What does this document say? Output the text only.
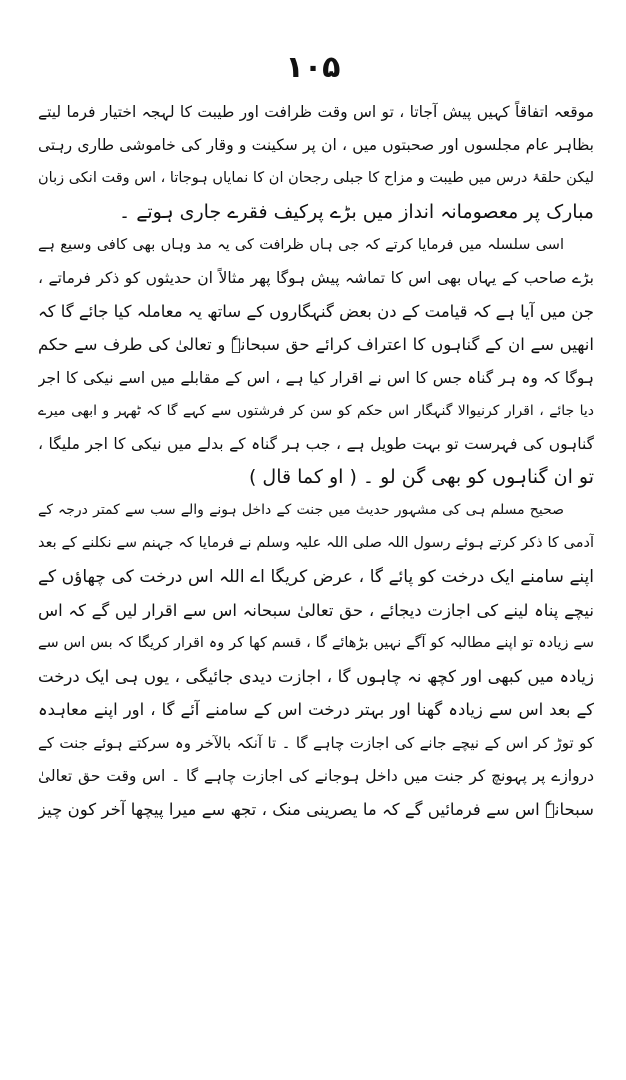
۱۰۵
موقعہ اتفاقاً کہیں پیش آجاتا ، تو اس وقت ظرافت اور طیبت کا لہجہ اختیار فرما لیتے
بظاہر عام مجلسوں اور صحبتوں میں ، ان پر سکینت و وقار کی خاموشی طاری رہتی
لیکن حلقۂ درس میں طیبت و مزاح کا جبلی رجحان ان کا نمایاں ہوجاتا ، اس وقت انکی زبان
مبارک پر معصومانہ انداز میں بڑے پرکیف فقرے جاری ہوتے ۔
اسی سلسلہ میں فرمایا کرتے کہ جی ہاں ظرافت کی یہ مد وہاں بھی کافی وسیع ہے
بڑے صاحب کے یہاں بھی اس کا تماشہ پیش ہوگا پھر مثالاً ان حدیثوں کو ذکر فرماتے ،
جن میں آیا ہے کہ قیامت کے دن بعض گنہگاروں کے ساتھ یہ معاملہ کیا جائے گا کہ
انھیں سے ان کے گناہوں کا اعتراف کرائے حق سبحانہٗ و تعالیٰ کی طرف سے حکم
ہوگا کہ وہ ہر گناہ جس کا اس نے اقرار کیا ہے ، اس کے مقابلے میں اسے نیکی کا اجر
دیا جائے ، اقرار کرنیوالا گنہگار اس حکم کو سن کر فرشتوں سے کہے گا کہ ٹھہر و ابھی میرے
گناہوں کی فہرست تو بہت طویل ہے ، جب ہر گناہ کے بدلے میں نیکی کا اجر ملیگا ،
تو ان گناہوں کو بھی گن لو ۔ ( او کما قال )
صحیح مسلم ہی کی مشہور حدیث میں جنت کے داخل ہونے والے سب سے کمتر درجہ کے
آدمی کا ذکر کرتے ہوئے رسول اللہ صلی اللہ علیہ وسلم نے فرمایا کہ جہنم سے نکلنے کے بعد
اپنے سامنے ایک درخت کو پائے گا ، عرض کریگا اے اللہ اس درخت کی چھاؤں کے
نیچے پناہ لینے کی اجازت دیجائے ، حق تعالیٰ سبحانہ اس سے اقرار لیں گے کہ اس
سے زیادہ تو اپنے مطالبہ کو آگے نہیں بڑھائے گا ، قسم کھا کر وہ اقرار کریگا کہ بس اس سے
زیادہ میں کبھی اور کچھ نہ چاہوں گا ، اجازت دیدی جائیگی ، یوں ہی ایک درخت
کے بعد اس سے زیادہ گھنا اور بہتر درخت اس کے سامنے آئے گا ، اور اپنے معاہدہ
کو توڑ کر اس کے نیچے جانے کی اجازت چاہے گا ۔ تا آنکہ بالآخر وہ سرکتے ہوئے جنت کے
دروازے پر پہونچ کر جنت میں داخل ہوجانے کی اجازت چاہے گا ۔ اس وقت حق تعالیٰ
سبحانہٗ اس سے فرمائیں گے کہ ما یصرینی منک ، تجھ سے میرا پیچھا آخر کون چیز
